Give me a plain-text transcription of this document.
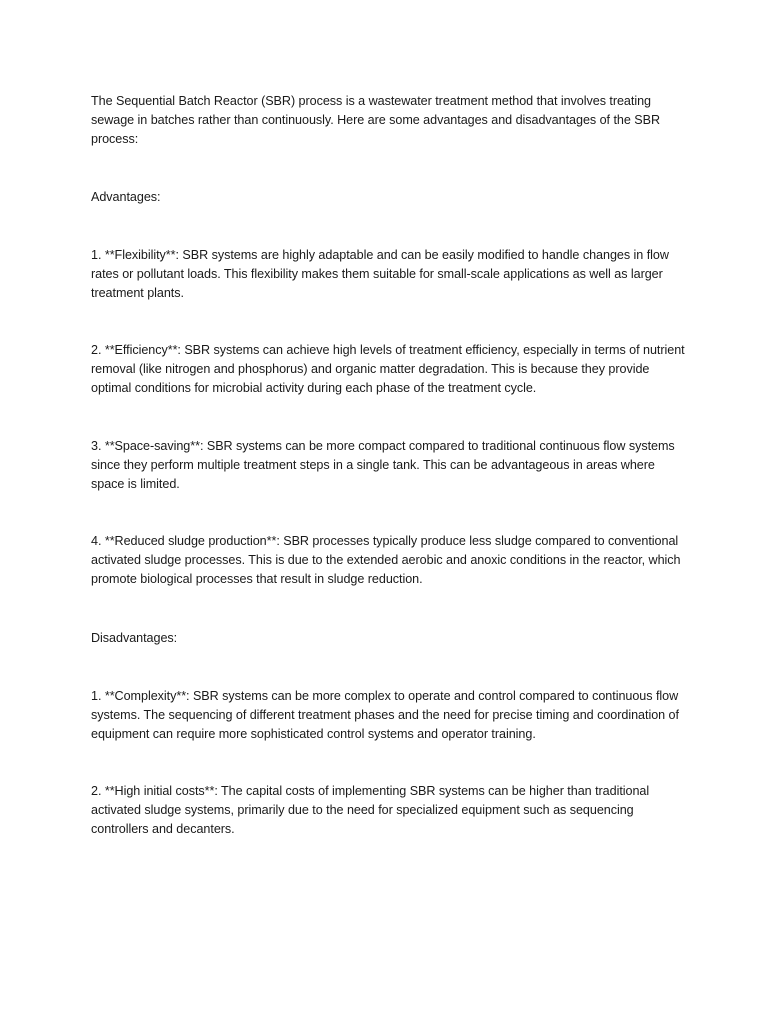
The Sequential Batch Reactor (SBR) process is a wastewater treatment method that involves treating sewage in batches rather than continuously. Here are some advantages and disadvantages of the SBR process:

Advantages:

1. **Flexibility**: SBR systems are highly adaptable and can be easily modified to handle changes in flow rates or pollutant loads. This flexibility makes them suitable for small-scale applications as well as larger treatment plants.

2. **Efficiency**: SBR systems can achieve high levels of treatment efficiency, especially in terms of nutrient removal (like nitrogen and phosphorus) and organic matter degradation. This is because they provide optimal conditions for microbial activity during each phase of the treatment cycle.

3. **Space-saving**: SBR systems can be more compact compared to traditional continuous flow systems since they perform multiple treatment steps in a single tank. This can be advantageous in areas where space is limited.

4. **Reduced sludge production**: SBR processes typically produce less sludge compared to conventional activated sludge processes. This is due to the extended aerobic and anoxic conditions in the reactor, which promote biological processes that result in sludge reduction.

Disadvantages:

1. **Complexity**: SBR systems can be more complex to operate and control compared to continuous flow systems. The sequencing of different treatment phases and the need for precise timing and coordination of equipment can require more sophisticated control systems and operator training.

2. **High initial costs**: The capital costs of implementing SBR systems can be higher than traditional activated sludge systems, primarily due to the need for specialized equipment such as sequencing controllers and decanters.
